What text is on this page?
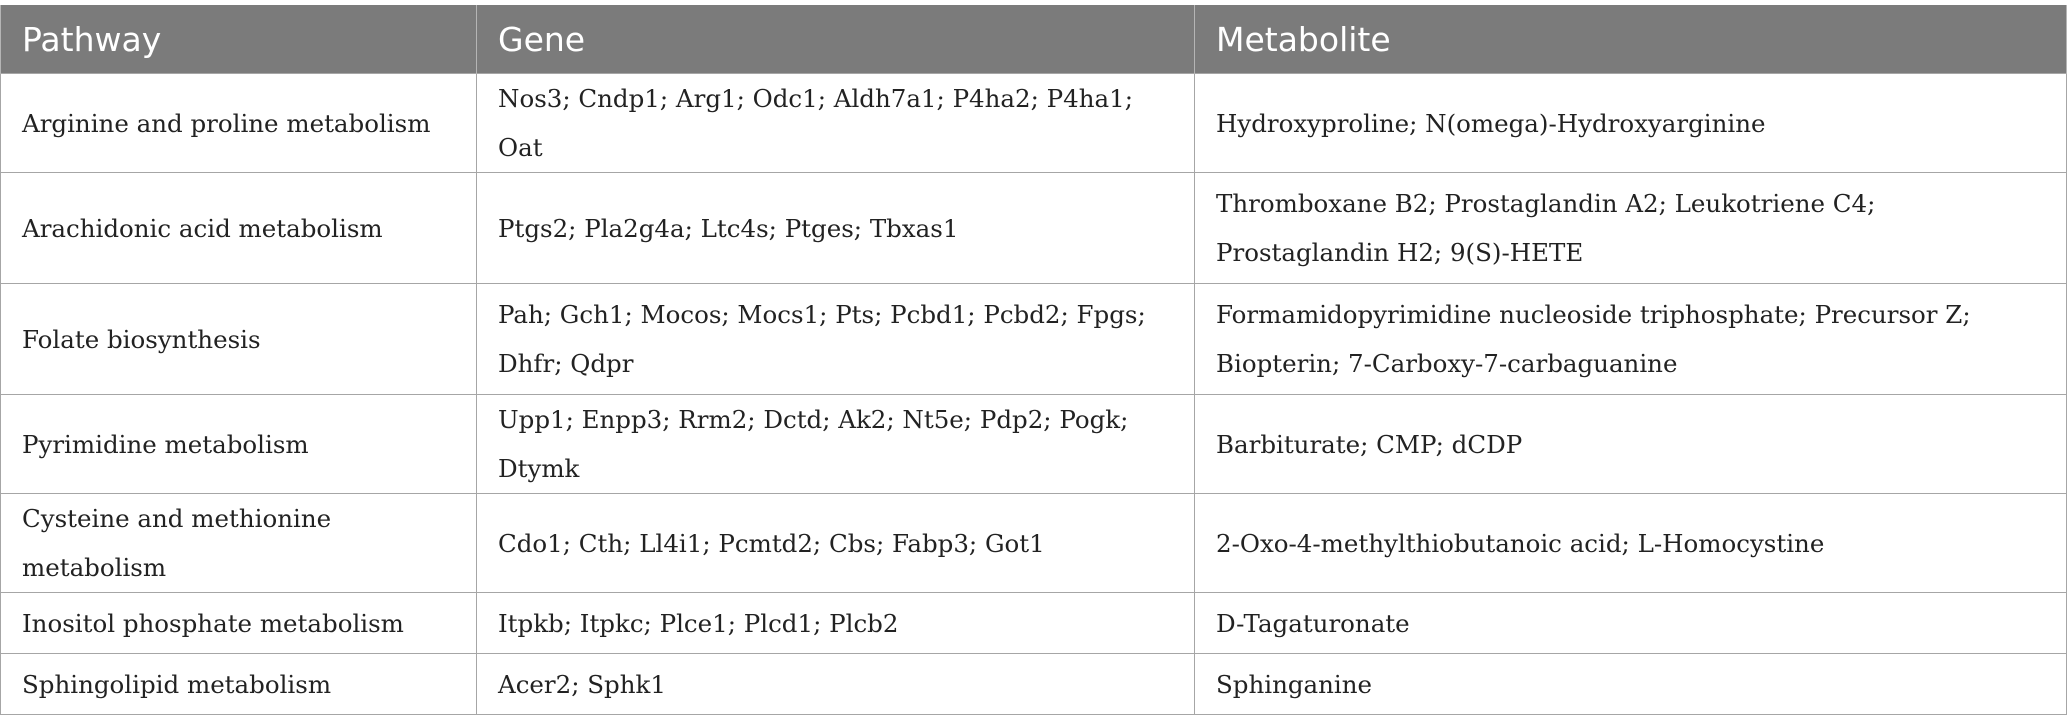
Pathway	Gene	Metabolite
Arginine and proline metabolism	Nos3; Cndp1; Arg1; Odc1; Aldh7a1; P4ha2; P4ha1; Oat	Hydroxyproline; N(omega)-Hydroxyarginine
Arachidonic acid metabolism	Ptgs2; Pla2g4a; Ltc4s; Ptges; Tbxas1	Thromboxane B2; Prostaglandin A2; Leukotriene C4; Prostaglandin H2; 9(S)-HETE
Folate biosynthesis	Pah; Gch1; Mocos; Mocs1; Pts; Pcbd1; Pcbd2; Fpgs; Dhfr; Qdpr	Formamidopyrimidine nucleoside triphosphate; Precursor Z; Biopterin; 7-Carboxy-7-carbaguanine
Pyrimidine metabolism	Upp1; Enpp3; Rrm2; Dctd; Ak2; Nt5e; Pdp2; Pogk; Dtymk	Barbiturate; CMP; dCDP
Cysteine and methionine metabolism	Cdo1; Cth; Ll4i1; Pcmtd2; Cbs; Fabp3; Got1	2-Oxo-4-methylthiobutanoic acid; L-Homocystine
Inositol phosphate metabolism	Itpkb; Itpkc; Plce1; Plcd1; Plcb2	D-Tagaturonate
Sphingolipid metabolism	Acer2; Sphk1	Sphinganine
